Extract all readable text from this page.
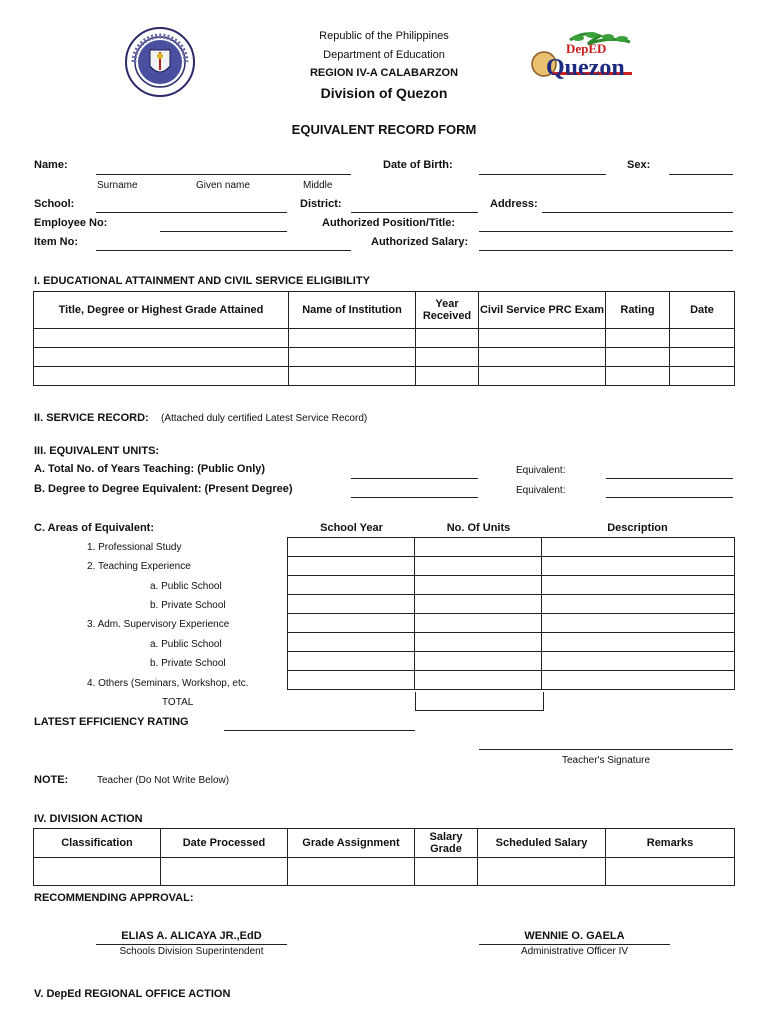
Republic of the Philippines
Department of Education
REGION IV-A CALABARZON
Division of Quezon
DepED
Quezon
EQUIVALENT RECORD FORM
Name:	Date of Birth:	Sex:
Surname	Given name	Middle
School:	District:	Address:
Employee No:	Authorized Position/Title:
Item No:	Authorized Salary:
I. EDUCATIONAL ATTAINMENT AND CIVIL SERVICE ELIGIBILITY
Title, Degree or Highest Grade Attained	Name of Institution	Year Received	Civil Service PRC Exam	Rating	Date

II. SERVICE RECORD: (Attached duly certified Latest Service Record)
III. EQUIVALENT UNITS:
A. Total No. of Years Teaching: (Public Only)	Equivalent:
B. Degree to Degree Equivalent: (Present Degree)	Equivalent:
C. Areas of Equivalent:	School Year	No. Of Units	Description
1. Professional Study
2. Teaching Experience
a. Public School
b. Private School
3. Adm. Supervisory Experience
a. Public School
b. Private School
4. Others (Seminars, Workshop, etc.
TOTAL

LATEST EFFICIENCY RATING
Teacher's Signature
NOTE:	Teacher (Do Not Write Below)
IV. DIVISION ACTION
Classification	Date Processed	Grade Assignment	Salary Grade	Scheduled Salary	Remarks

RECOMMENDING APPROVAL:
ELIAS A. ALICAYA JR.,EdD
Schools Division Superintendent
WENNIE O. GAELA
Administrative Officer IV
V. DepEd REGIONAL OFFICE ACTION
